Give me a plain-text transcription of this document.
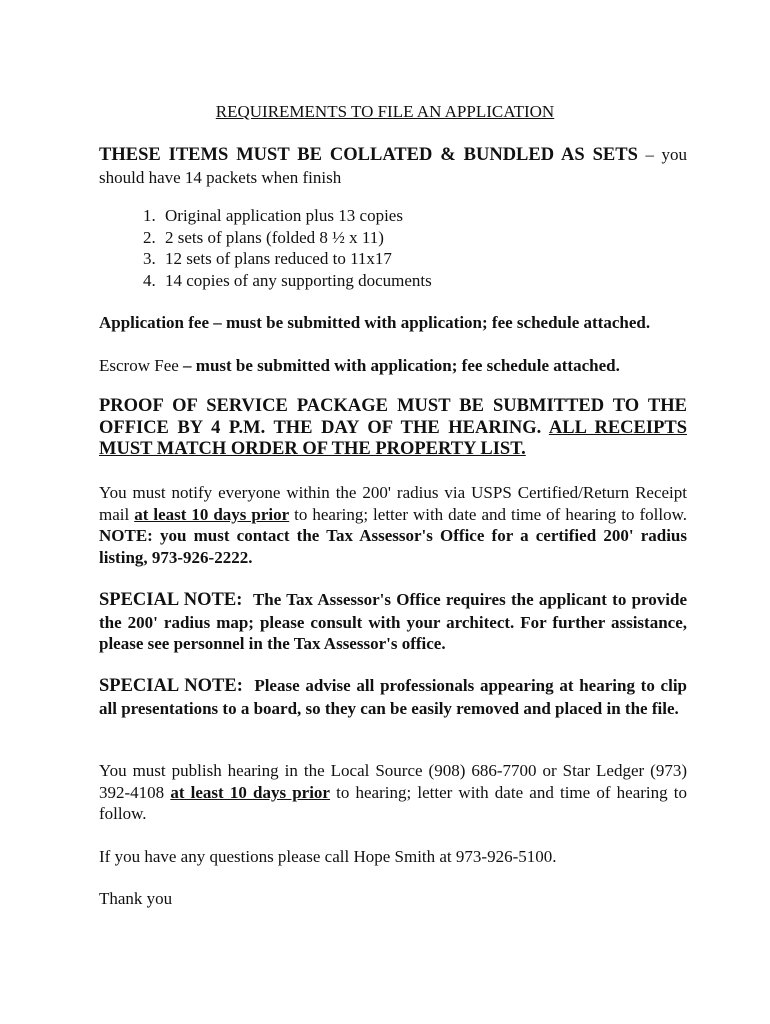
REQUIREMENTS TO FILE AN APPLICATION
THESE ITEMS MUST BE COLLATED & BUNDLED AS SETS – you should have 14 packets when finish
1. Original application plus 13 copies
2. 2 sets of plans (folded 8 ½ x 11)
3. 12 sets of plans reduced to 11x17
4. 14 copies of any supporting documents
Application fee – must be submitted with application; fee schedule attached.
Escrow Fee – must be submitted with application; fee schedule attached.
PROOF OF SERVICE PACKAGE MUST BE SUBMITTED TO THE OFFICE BY 4 P.M. THE DAY OF THE HEARING. ALL RECEIPTS MUST MATCH ORDER OF THE PROPERTY LIST.
You must notify everyone within the 200' radius via USPS Certified/Return Receipt mail at least 10 days prior to hearing; letter with date and time of hearing to follow. NOTE: you must contact the Tax Assessor's Office for a certified 200' radius listing, 973-926-2222.
SPECIAL NOTE: The Tax Assessor's Office requires the applicant to provide the 200' radius map; please consult with your architect. For further assistance, please see personnel in the Tax Assessor's office.
SPECIAL NOTE: Please advise all professionals appearing at hearing to clip all presentations to a board, so they can be easily removed and placed in the file.
You must publish hearing in the Local Source (908) 686-7700 or Star Ledger (973) 392-4108 at least 10 days prior to hearing; letter with date and time of hearing to follow.
If you have any questions please call Hope Smith at 973-926-5100.
Thank you
